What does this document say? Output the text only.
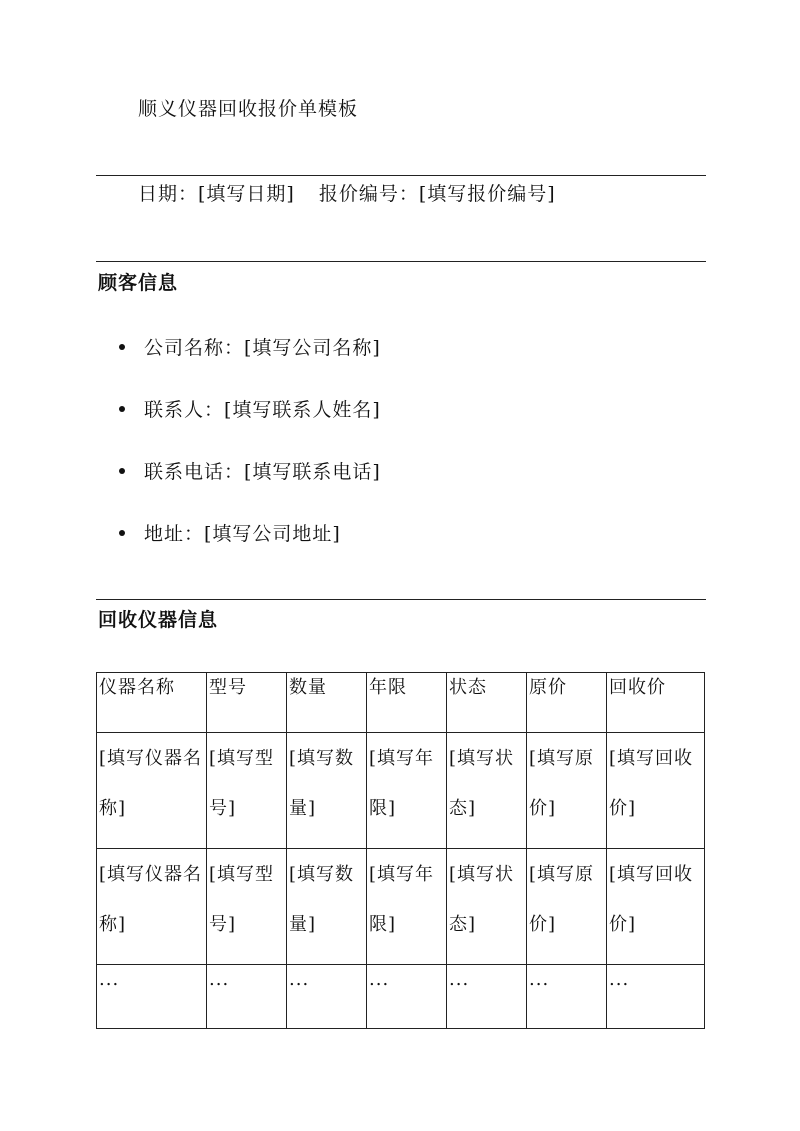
顺义仪器回收报价单模板
日期：[填写日期] 报价编号：[填写报价编号]
顾客信息
公司名称：[填写公司名称]
联系人：[填写联系人姓名]
联系电话：[填写联系电话]
地址：[填写公司地址]
回收仪器信息
仪器名称	型号	数量	年限	状态	原价	回收价
[填写仪器名称]	[填写型号]	[填写数量]	[填写年限]	[填写状态]	[填写原价]	[填写回收价]
[填写仪器名称]	[填写型号]	[填写数量]	[填写年限]	[填写状态]	[填写原价]	[填写回收价]
...	...	...	...	...	...	...
